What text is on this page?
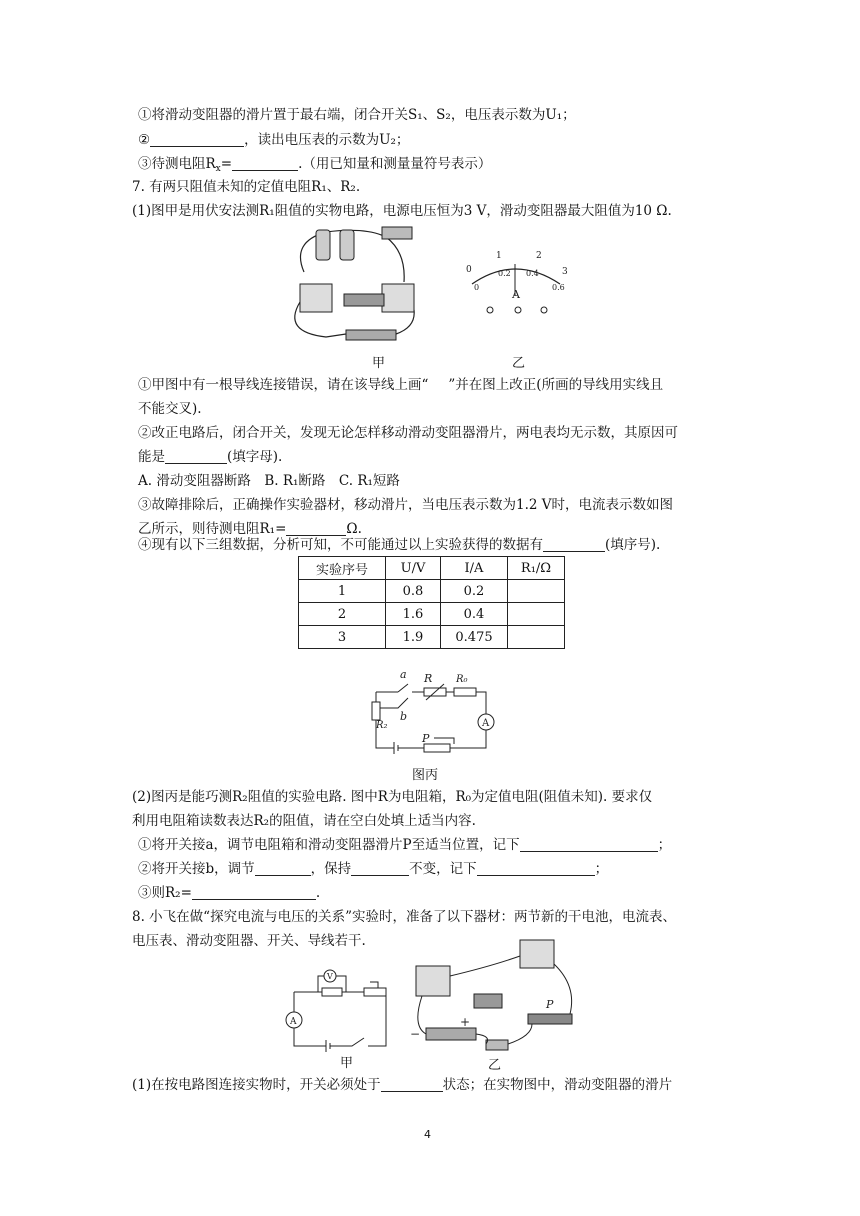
①将滑动变阻器的滑片置于最右端，闭合开关S₁、S₂，电压表示数为U₁；
②	，读出电压表的示数为U₂；
③待测电阻$R_x=$	.（用已知量和测量量符号表示）
7. 有两只阻值未知的定值电阻R₁、R₂.
(1)图甲是用伏安法测R₁阻值的实物电路，电源电压恒为3 V，滑动变阻器最大阻值为10 Ω.
甲
0
1	2
3
0
0.2 0.4
0.6
A
乙
①甲图中有一根导线连接错误，请在该导线上画“ ”并在图上改正(所画的导线用实线且
不能交叉).
②改正电路后，闭合开关，发现无论怎样移动滑动变阻器滑片，两电表均无示数，其原因可
能是	(填字母).
A. 滑动变阻器断路　B. R₁断路　C. R₁短路
③故障排除后，正确操作实验器材，移动滑片，当电压表示数为1.2 V时，电流表示数如图
乙所示，则待测电阻R₁=	Ω.
④现有以下三组数据，分析可知，不可能通过以上实验获得的数据有	(填序号).
实验序号	U/V	I/A	R₁/Ω
1	0.8	0.2	
2	1.6	0.4	
3	1.9	0.475	
a R R₀
A
P
R₂
b
图丙
(2)图丙是能巧测R₂阻值的实验电路. 图中R为电阻箱，R₀为定值电阻(阻值未知). 要求仅
利用电阻箱读数表达R₂的阻值，请在空白处填上适当内容.
①将开关接a，调节电阻箱和滑动变阻器滑片P至适当位置，记下	；
②将开关接b，调节	，保持	不变，记下	；
③则R₂=	.
8. 小飞在做“探究电流与电压的关系”实验时，准备了以下器材：两节新的干电池，电流表、
电压表、滑动变阻器、开关、导线若干.
A
V
甲
−
+
P
乙
(1)在按电路图连接实物时，开关必须处于	状态；在实物图中，滑动变阻器的滑片
4
